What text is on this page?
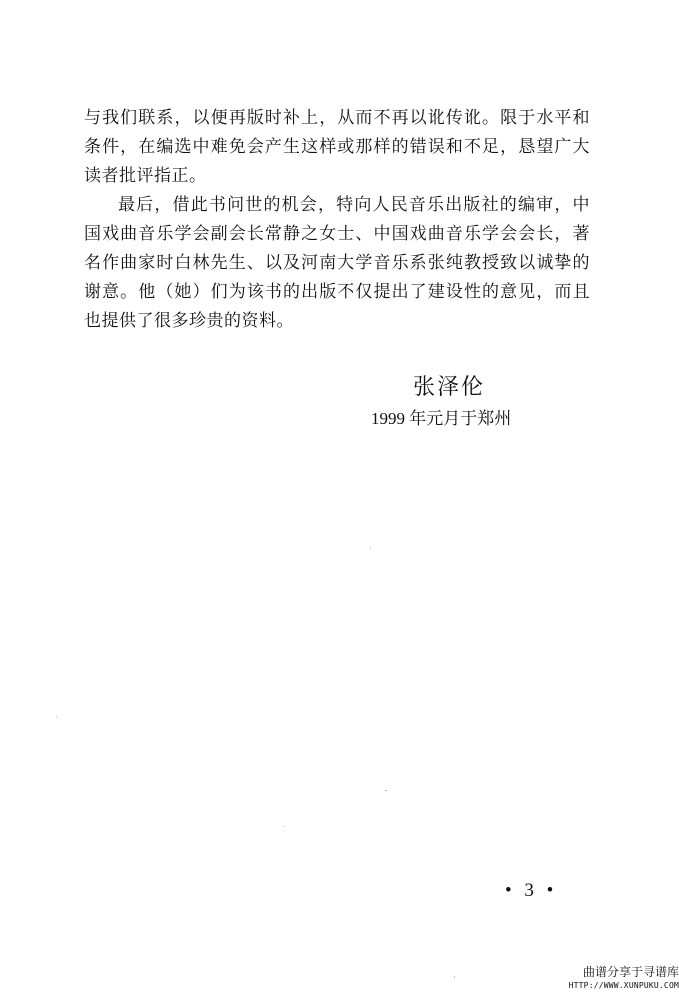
与我们联系，以便再版时补上，从而不再以讹传讹。限于水平和
条件，在编选中难免会产生这样或那样的错误和不足，恳望广大
读者批评指正。
最后，借此书问世的机会，特向人民音乐出版社的编审，中
国戏曲音乐学会副会长常静之女士、中国戏曲音乐学会会长，著
名作曲家时白林先生、以及河南大学音乐系张纯教授致以诚挚的
谢意。他（她）们为该书的出版不仅提出了建设性的意见，而且
也提供了很多珍贵的资料。
张泽伦
1999 年元月于郑州
• 3 •
曲谱分享于寻谱库
HTTP://WWW.XUNPUKU.COM
